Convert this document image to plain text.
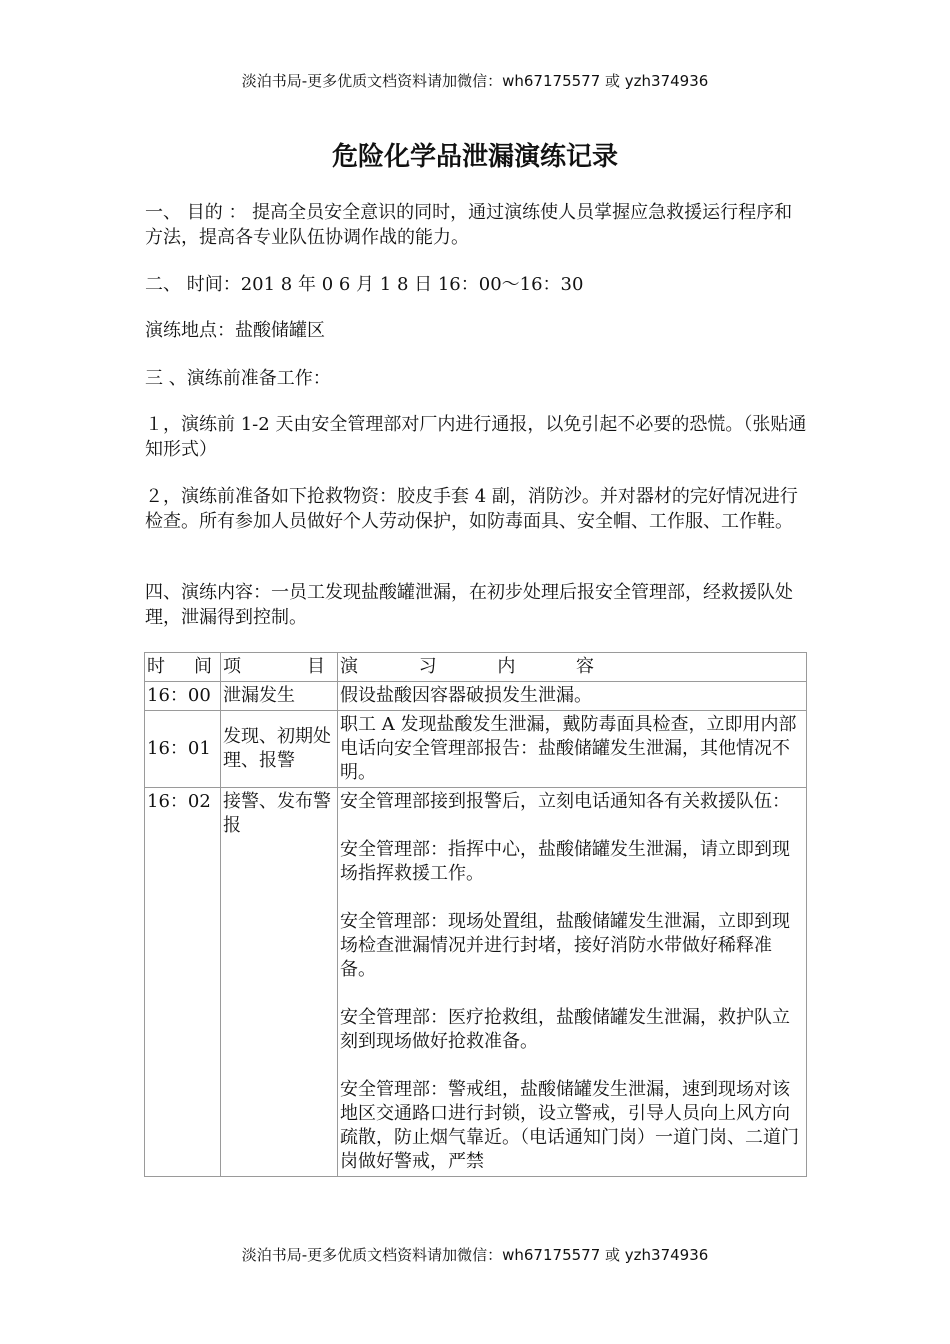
淡泊书局-更多优质文档资料请加微信：wh67175577 或 yzh374936
危险化学品泄漏演练记录

一、 目的 ： 提高全员安全意识的同时，通过演练使人员掌握应急救援运行程序和方法，提高各专业队伍协调作战的能力。

二、 时间：201 8 年 0 6 月 1 8 日 16：00～16：30

演练地点：盐酸储罐区

三 、演练前准备工作：

１，演练前 1-2 天由安全管理部对厂内进行通报，以免引起不必要的恐慌。（张贴通知形式）

２，演练前准备如下抢救物资：胶皮手套 4 副，消防沙。并对器材的完好情况进行检查。所有参加人员做好个人劳动保护，如防毒面具、安全帽、工作服、工作鞋。

四、演练内容：一员工发现盐酸罐泄漏，在初步处理后报安全管理部，经救援队处理，泄漏得到控制。

时 间	项 目	演 习 内 容

16：00	泄漏发生	假设盐酸因容器破损发生泄漏。

16：01	发现、初期处理、报警	职工 A 发现盐酸发生泄漏，戴防毒面具检查，立即用内部电话向安全管理部报告：盐酸储罐发生泄漏，其他情况不明。

16：02	接警、发布警报	安全管理部接到报警后，立刻电话通知各有关救援队伍：
安全管理部：指挥中心，盐酸储罐发生泄漏，请立即到现场指挥救援工作。
安全管理部：现场处置组，盐酸储罐发生泄漏，立即到现场检查泄漏情况并进行封堵，接好消防水带做好稀释准备。
安全管理部：医疗抢救组，盐酸储罐发生泄漏，救护队立刻到现场做好抢救准备。
安全管理部：警戒组，盐酸储罐发生泄漏，速到现场对该地区交通路口进行封锁，设立警戒，引导人员向上风方向疏散，防止烟气靠近。（电话通知门岗）一道门岗、二道门岗做好警戒，严禁
淡泊书局-更多优质文档资料请加微信：wh67175577 或 yzh374936
